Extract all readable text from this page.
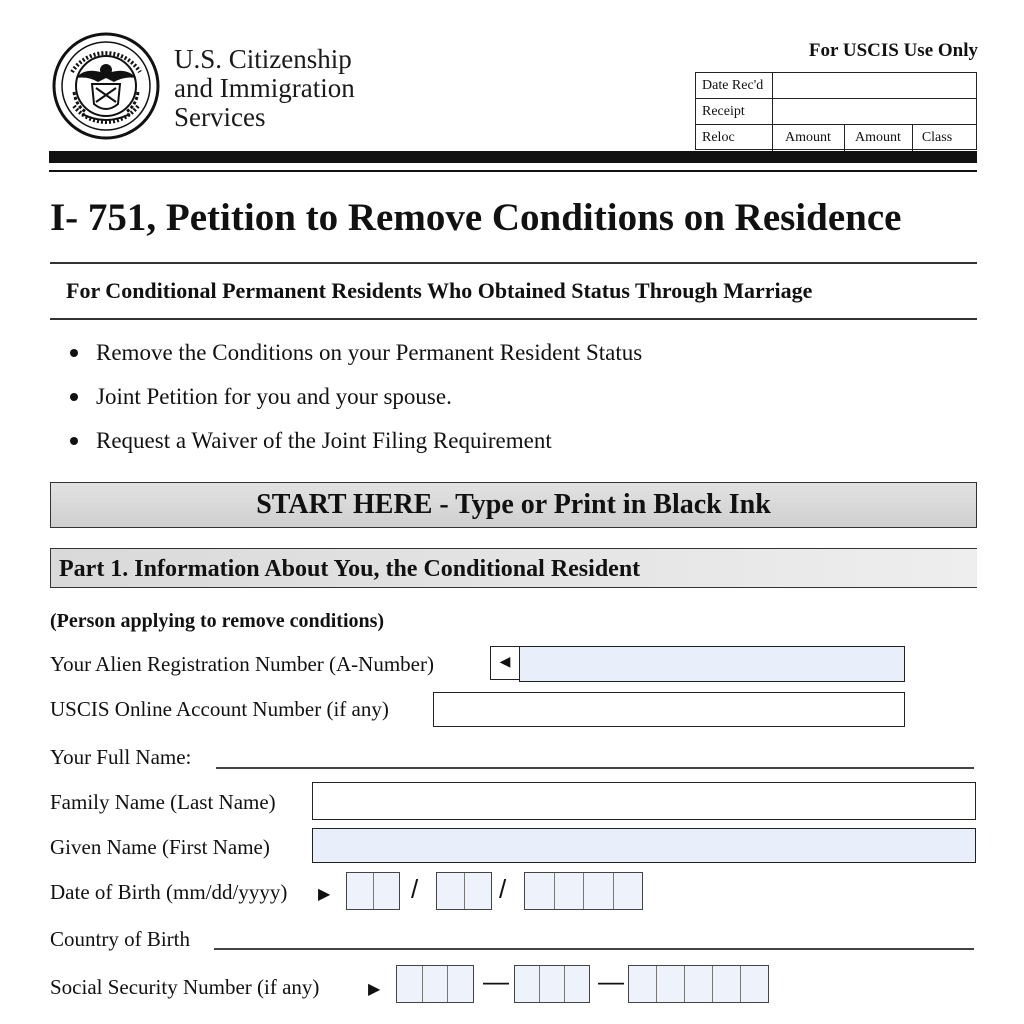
U.S. Citizenship
and Immigration
Services
For USCIS Use Only
Date Rec'd
Receipt
Reloc	Amount	Amount	Class
I- 751, Petition to Remove Conditions on Residence
For Conditional Permanent Residents Who Obtained Status Through Marriage
Remove the Conditions on your Permanent Resident Status
Joint Petition for you and your spouse.
Request a Waiver of the Joint Filing Requirement
START HERE - Type or Print in Black Ink
Part 1. Information About You, the Conditional Resident
(Person applying to remove conditions)
Your Alien Registration Number (A-Number)	◀
USCIS Online Account Number (if any)
Your Full Name:
Family Name (Last Name)
Given Name (First Name)
Date of Birth (mm/dd/yyyy) ▶	/	/
Country of Birth
Social Security Number (if any)	▶	—	—
